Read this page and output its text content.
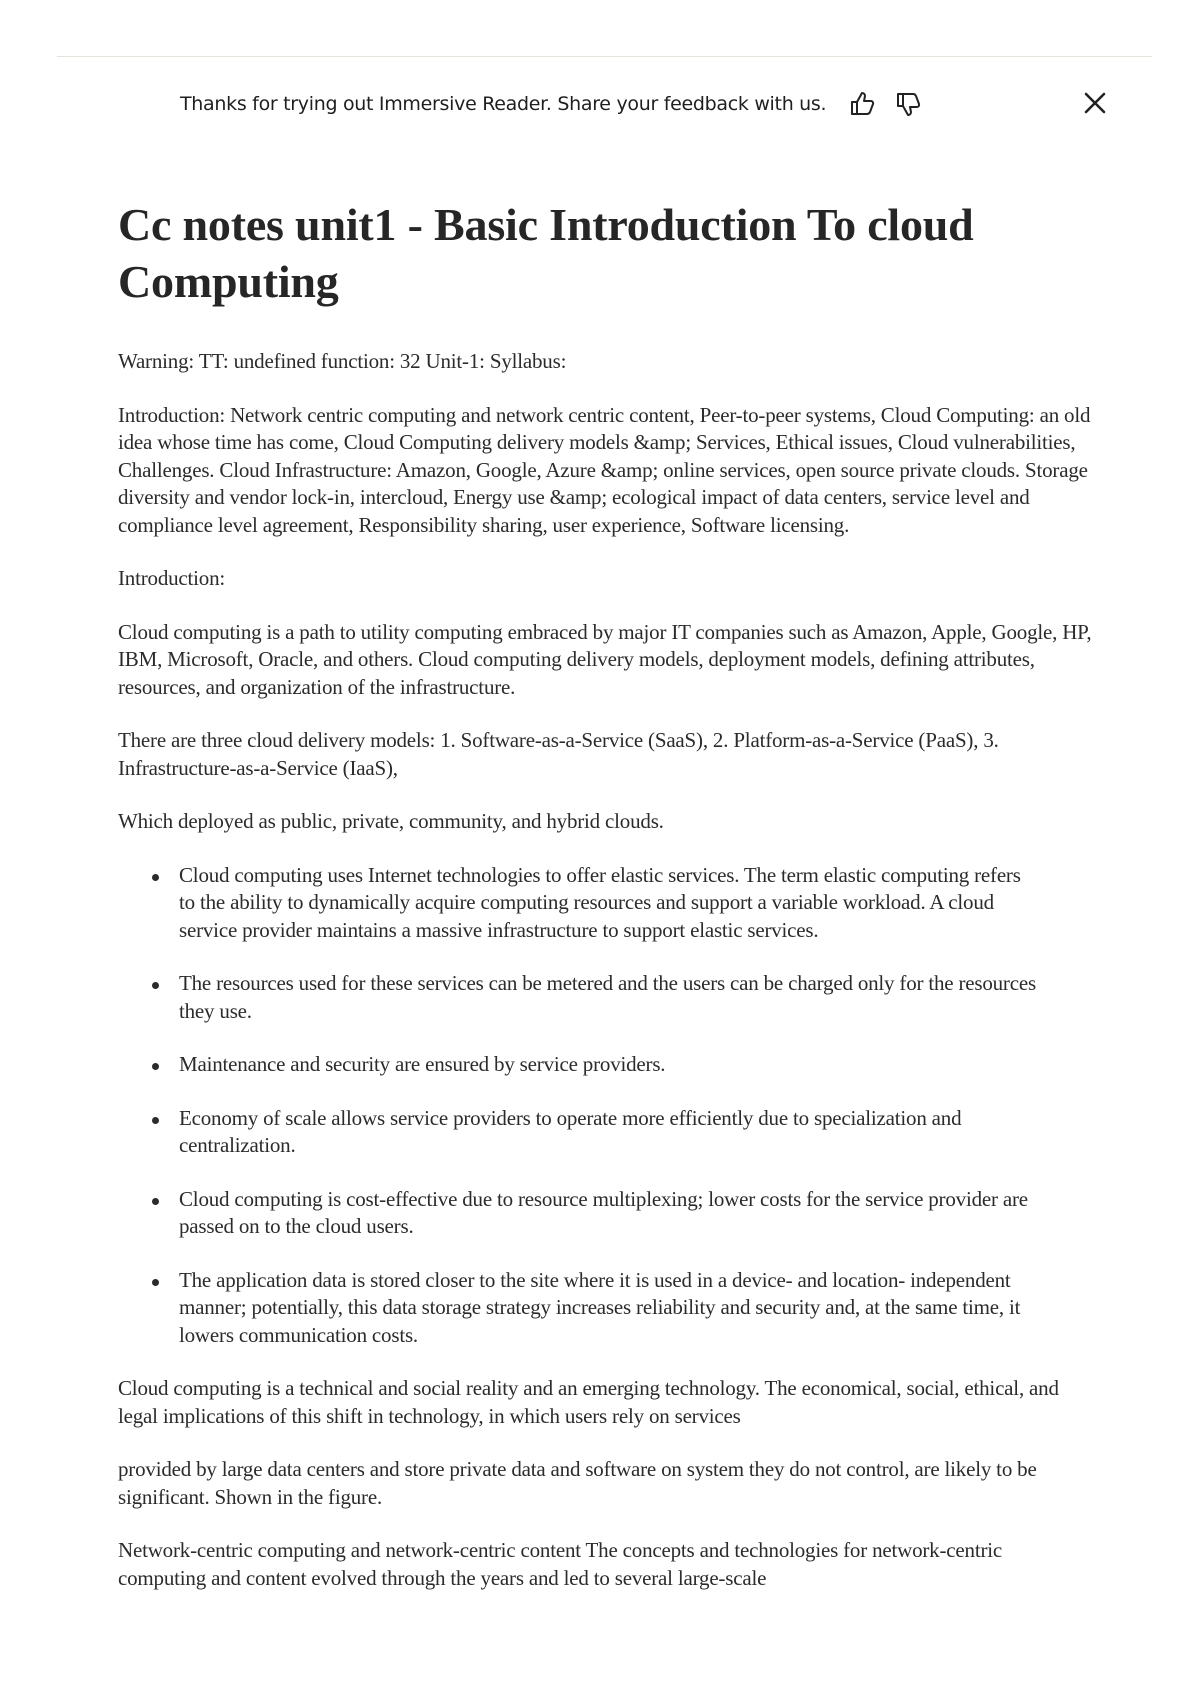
Thanks for trying out Immersive Reader. Share your feedback with us.
Cc notes unit1 - Basic Introduction To cloud Computing

Warning: TT: undefined function: 32 Unit-1: Syllabus:

Introduction: Network centric computing and network centric content, Peer-to-peer systems, Cloud Computing: an old idea whose time has come, Cloud Computing delivery models &amp; Services, Ethical issues, Cloud vulnerabilities, Challenges. Cloud Infrastructure: Amazon, Google, Azure &amp; online services, open source private clouds. Storage diversity and vendor lock-in, intercloud, Energy use &amp; ecological impact of data centers, service level and compliance level agreement, Responsibility sharing, user experience, Software licensing.

Introduction:

Cloud computing is a path to utility computing embraced by major IT companies such as Amazon, Apple, Google, HP, IBM, Microsoft, Oracle, and others. Cloud computing delivery models, deployment models, defining attributes, resources, and organization of the infrastructure.

There are three cloud delivery models: 1. Software-as-a-Service (SaaS), 2. Platform-as-a-Service (PaaS), 3. Infrastructure-as-a-Service (IaaS),

Which deployed as public, private, community, and hybrid clouds.

Cloud computing uses Internet technologies to offer elastic services. The term elastic computing refers to the ability to dynamically acquire computing resources and support a variable workload. A cloud service provider maintains a massive infrastructure to support elastic services.
The resources used for these services can be metered and the users can be charged only for the resources they use.
Maintenance and security are ensured by service providers.
Economy of scale allows service providers to operate more efficiently due to specialization and centralization.
Cloud computing is cost-effective due to resource multiplexing; lower costs for the service provider are passed on to the cloud users.
The application data is stored closer to the site where it is used in a device- and location- independent manner; potentially, this data storage strategy increases reliability and security and, at the same time, it lowers communication costs.

Cloud computing is a technical and social reality and an emerging technology. The economical, social, ethical, and legal implications of this shift in technology, in which users rely on services

provided by large data centers and store private data and software on system they do not control, are likely to be significant. Shown in the figure.

Network-centric computing and network-centric content The concepts and technologies for network-centric computing and content evolved through the years and led to several large-scale
